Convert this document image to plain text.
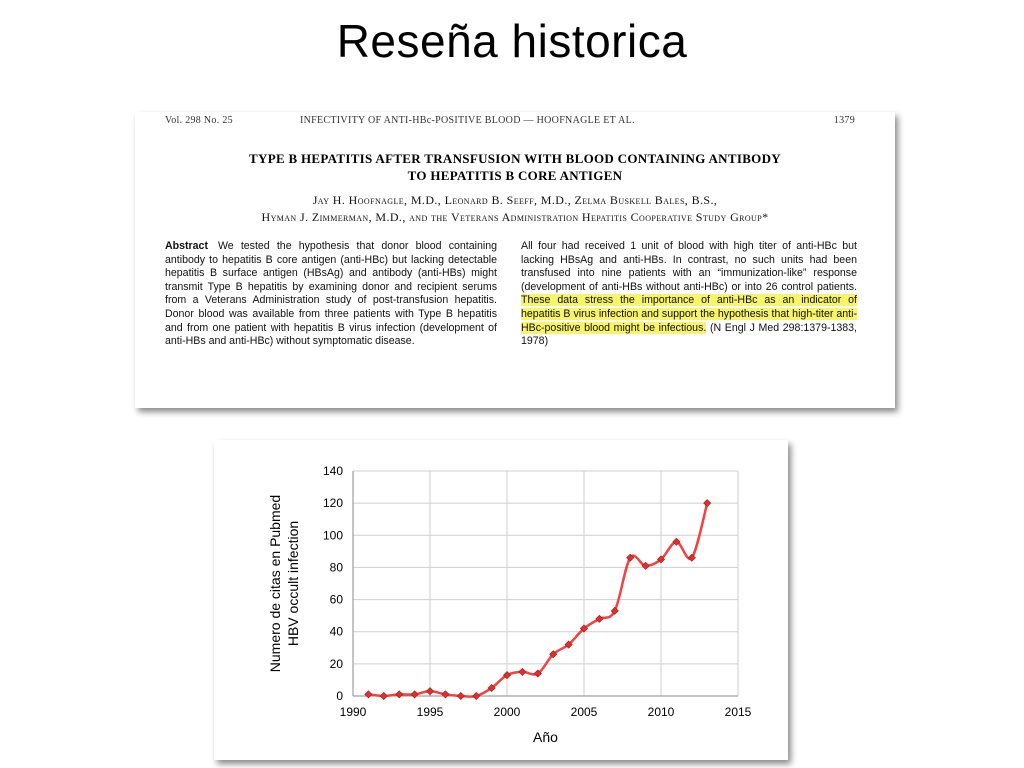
Reseña historica
Vol. 298 No. 25	INFECTIVITY OF ANTI-HBc-POSITIVE BLOOD — HOOFNAGLE ET AL.	1379
TYPE B HEPATITIS AFTER TRANSFUSION WITH BLOOD CONTAINING ANTIBODY
TO HEPATITIS B CORE ANTIGEN
Jay H. Hoofnagle, M.D., Leonard B. Seeff, M.D., Zelma Buskell Bales, B.S.,
Hyman J. Zimmerman, M.D., and the Veterans Administration Hepatitis Cooperative Study Group*
Abstract We tested the hypothesis that donor blood containing antibody to hepatitis B core antigen (anti-HBc) but lacking detectable hepatitis B surface antigen (HBsAg) and antibody (anti-HBs) might transmit Type B hepatitis by examining donor and recipient serums from a Veterans Administration study of post-transfusion hepatitis. Donor blood was available from three patients with Type B hepatitis and from one patient with hepatitis B virus infection (development of anti-HBs and anti-HBc) without symptomatic disease.
All four had received 1 unit of blood with high titer of anti-HBc but lacking HBsAg and anti-HBs. In contrast, no such units had been transfused into nine patients with an “immunization-like” response (development of anti-HBs without anti-HBc) or into 26 control patients. These data stress the importance of anti-HBc as an indicator of hepatitis B virus infection and support the hypothesis that high-titer anti-HBc-positive blood might be infectious. (N Engl J Med 298:1379-1383, 1978)
0
20
40
60
80
100
120
140
1990	1995	2000	2005	2010	2015
Año
Numero de citas en Pubmed HBV occult infection
